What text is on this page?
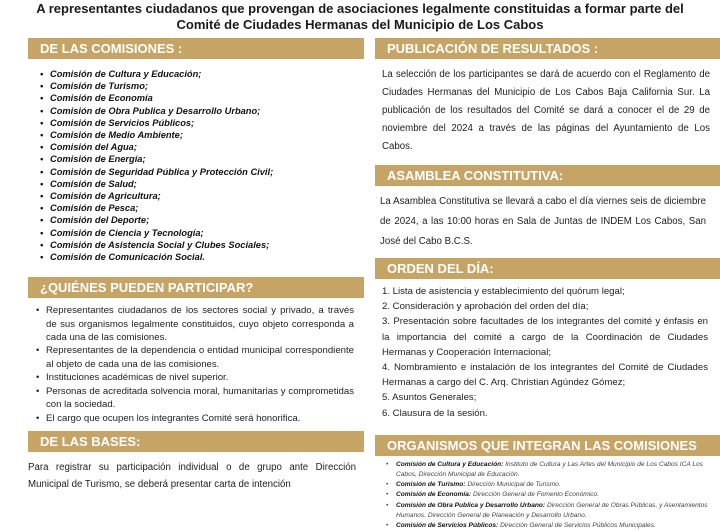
A representantes ciudadanos que provengan de asociaciones legalmente constituidas a formar parte del
Comité de Ciudades Hermanas del Municipio de Los Cabos
DE LAS COMISIONES :
• Comisión de Cultura y Educación;
• Comisión de Turismo;
• Comisión de Economía
• Comisión de Obra Publica y Desarrollo Urbano;
• Comisión de Servicios Públicos;
• Comisión de Medio Ambiente;
• Comisión del Agua;
• Comisión de Energía;
• Comisión de Seguridad Pública y Protección Civil;
• Comisión de Salud;
• Comisión de Agricultura;
• Comisión de Pesca;
• Comisión del Deporte;
• Comisión de Ciencia y Tecnología;
• Comisión de Asistencia Social y Clubes Sociales;
• Comisión de Comunicación Social.
¿QUIÉNES PUEDEN PARTICIPAR?
• Representantes ciudadanos de los sectores social y privado, a través de sus organismos legalmente constituidos, cuyo objeto corresponda a cada una de las comisiones.
• Representantes de la dependencia o entidad municipal correspondiente al objeto de cada una de las comisiones.
• Instituciones académicas de nivel superior.
• Personas de acreditada solvencia moral, humanitarias y comprometidas con la sociedad.
• El cargo que ocupen los integrantes Comité será honorifica.
DE LAS BASES:
Para registrar su participación individual o de grupo ante Dirección Municipal de Turismo, se deberá presentar carta de intención
PUBLICACIÓN DE RESULTADOS :
La selección de los participantes se dará de acuerdo con el Reglamento de Ciudades Hermanas del Municipio de Los Cabos Baja California Sur. La publicación de los resultados del Comité se dará a conocer el de 29 de noviembre del 2024 a través de las páginas del Ayuntamiento de Los Cabos.
ASAMBLEA CONSTITUTIVA:
La Asamblea Constitutiva se llevará a cabo el día viernes seis de diciembre de 2024, a las 10:00 horas en Sala de Juntas de INDEM Los Cabos, San José del Cabo B.C.S.
ORDEN DEL DÍA:
1. Lista de asistencia y establecimiento del quórum legal;
2. Consideración y aprobación del orden del día;
3. Presentación sobre facultades de los integrantes del comité y énfasis en la importancia del comité a cargo de la Coordinación de Ciudades Hermanas y Cooperación Internacional;
4. Nombramiento e instalación de los integrantes del Comité de Ciudades Hermanas a cargo del C. Arq. Christian Agúndez Gómez;
5. Asuntos Generales;
6. Clausura de la sesión.
ORGANISMOS QUE INTEGRAN LAS COMISIONES
• Comisión de Cultura y Educación: Instituto de Cultura y Las Artes del Municipio de Los Cabos ICA Los Cabos, Dirección Municipal de Educación.
• Comisión de Turismo: Dirección Municipal de Turismo.
• Comisión de Economía: Dirección General de Fomento Económico.
• Comisión de Obra Publica y Desarrollo Urbano: Dirección General de Obras Públicas, y Asentamientos Humanos. Dirección General de Planeación y Desarrollo Urbano.
• Comisión de Servicios Públicos: Dirección General de Servicios Públicos Municipales.
